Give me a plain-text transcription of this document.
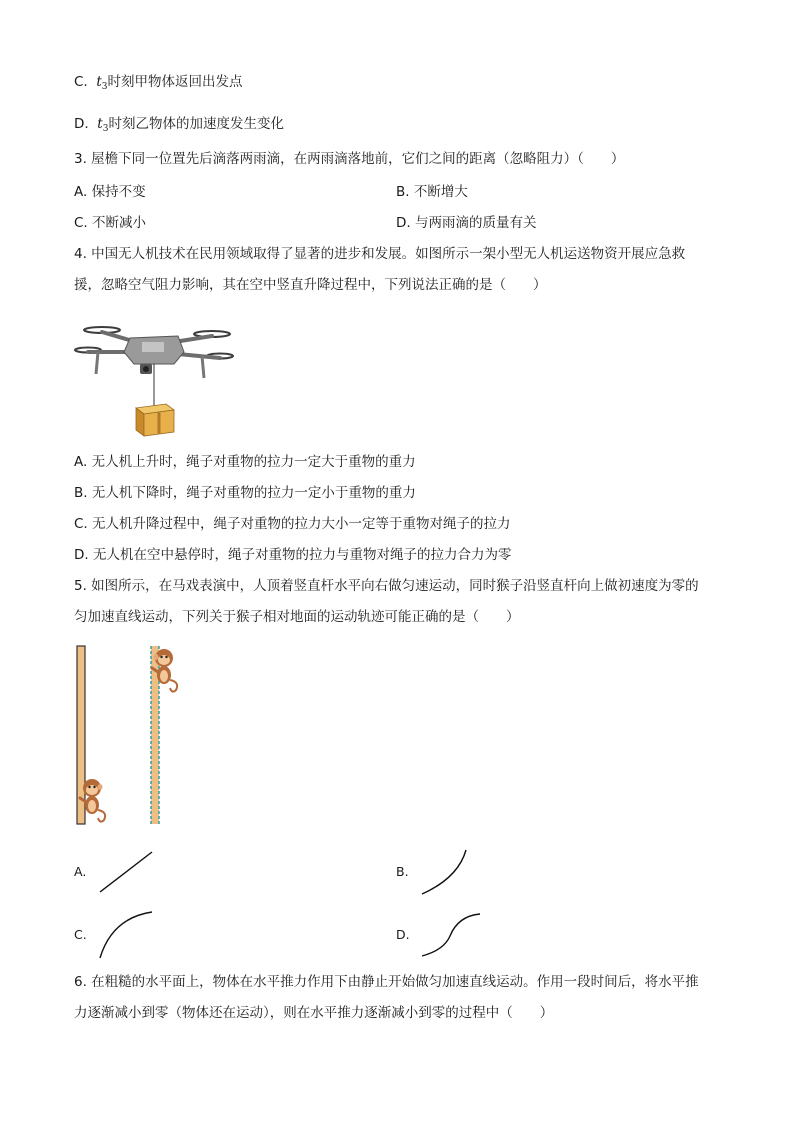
C. $t_3$时刻甲物体返回出发点
D. $t_3$时刻乙物体的加速度发生变化
3. 屋檐下同一位置先后滴落两雨滴，在两雨滴落地前，它们之间的距离（忽略阻力）（　　）
A. 保持不变	B. 不断增大
C. 不断减小	D. 与两雨滴的质量有关
4. 中国无人机技术在民用领域取得了显著的进步和发展。如图所示一架小型无人机运送物资开展应急救
援，忽略空气阻力影响，其在空中竖直升降过程中，下列说法正确的是（　　）
A. 无人机上升时，绳子对重物的拉力一定大于重物的重力
B. 无人机下降时，绳子对重物的拉力一定小于重物的重力
C. 无人机升降过程中，绳子对重物的拉力大小一定等于重物对绳子的拉力
D. 无人机在空中悬停时，绳子对重物的拉力与重物对绳子的拉力合力为零
5. 如图所示，在马戏表演中，人顶着竖直杆水平向右做匀速运动，同时猴子沿竖直杆向上做初速度为零的
匀加速直线运动，下列关于猴子相对地面的运动轨迹可能正确的是（　　）
A.	B.
C.	D.
6. 在粗糙的水平面上，物体在水平推力作用下由静止开始做匀加速直线运动。作用一段时间后，将水平推
力逐渐减小到零（物体还在运动），则在水平推力逐渐减小到零的过程中（　　）
